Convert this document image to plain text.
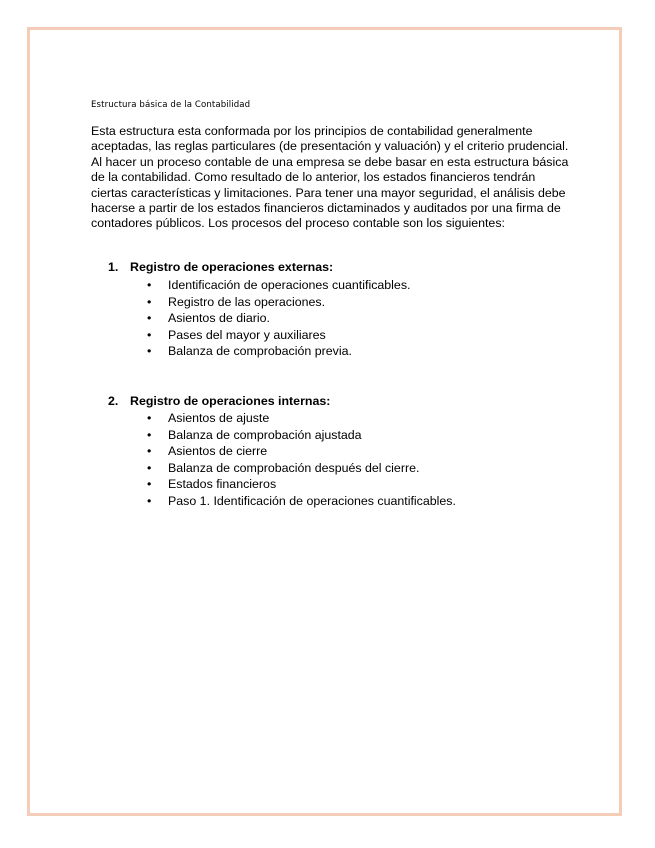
Estructura básica de la Contabilidad

Esta estructura esta conformada por los principios de contabilidad generalmente aceptadas, las reglas particulares (de presentación y valuación) y el criterio prudencial. Al hacer un proceso contable de una empresa se debe basar en esta estructura básica de la contabilidad. Como resultado de lo anterior, los estados financieros tendrán ciertas características y limitaciones. Para tener una mayor seguridad, el análisis debe hacerse a partir de los estados financieros dictaminados y auditados por una firma de contadores públicos. Los procesos del proceso contable son los siguientes:

1. Registro de operaciones externas:
• Identificación de operaciones cuantificables.
• Registro de las operaciones.
• Asientos de diario.
• Pases del mayor y auxiliares
• Balanza de comprobación previa.
2. Registro de operaciones internas:
• Asientos de ajuste
• Balanza de comprobación ajustada
• Asientos de cierre
• Balanza de comprobación después del cierre.
• Estados financieros
• Paso 1. Identificación de operaciones cuantificables.
